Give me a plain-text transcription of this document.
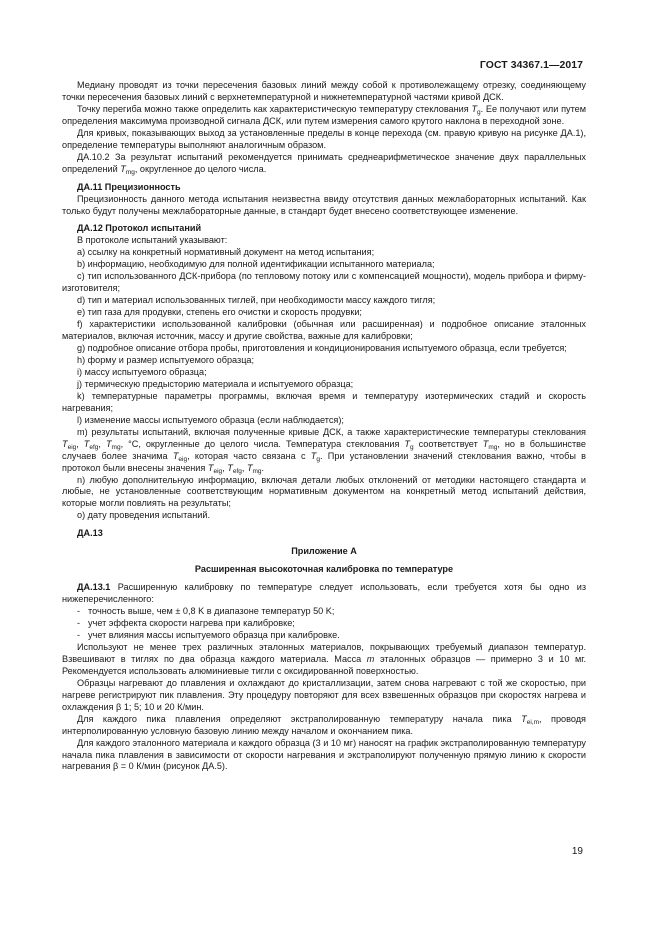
ГОСТ 34367.1—2017

Медиану проводят из точки пересечения базовых линий между собой к противолежащему отрезку, соединяющему точки пересечения базовых линий с верхнетемпературной и нижнетемпературной частями кривой ДСК.

Точку перегиба можно также определить как характеристическую температуру стеклования $T_g$. Ее получают или путем определения максимума производной сигнала ДСК, или путем измерения самого крутого наклона в переходной зоне.

Для кривых, показывающих выход за установленные пределы в конце перехода (см. правую кривую на рисунке ДА.1), определение температуры выполняют аналогичным образом.

ДА.10.2 За результат испытаний рекомендуется принимать среднеарифметическое значение двух параллельных определений $T_{mg}$, округленное до целого числа.

ДА.11 Прецизионность

Прецизионность данного метода испытания неизвестна ввиду отсутствия данных межлабораторных испытаний. Как только будут получены межлабораторные данные, в стандарт будет внесено соответствующее изменение.

ДА.12 Протокол испытаний

В протоколе испытаний указывают:

а) ссылку на конкретный нормативный документ на метод испытания;

b) информацию, необходимую для полной идентификации испытанного материала;

с) тип использованного ДСК-прибора (по тепловому потоку или с компенсацией мощности), модель прибора и фирму-изготовителя;

d) тип и материал использованных тиглей, при необходимости массу каждого тигля;

е) тип газа для продувки, степень его очистки и скорость продувки;

f) характеристики использованной калибровки (обычная или расширенная) и подробное описание эталонных материалов, включая источник, массу и другие свойства, важные для калибровки;

g) подробное описание отбора пробы, приготовления и кондиционирования испытуемого образца, если требуется;

h) форму и размер испытуемого образца;

i) массу испытуемого образца;

j) термическую предысторию материала и испытуемого образца;

k) температурные параметры программы, включая время и температуру изотермических стадий и скорость нагревания;

l) изменение массы испытуемого образца (если наблюдается);

m) результаты испытаний, включая полученные кривые ДСК, а также характеристические температуры стеклования $T_{eig}$, $T_{efg}$, $T_{mg}$, °C, округленные до целого числа. Температура стеклования $T_g$ соответствует $T_{mg}$, но в большинстве случаев более значима $T_{eig}$, которая часто связана с $T_g$. При установлении значений стеклования важно, чтобы в протокол были внесены значения $T_{eig}$, $T_{efg}$, $T_{mg}$.

n) любую дополнительную информацию, включая детали любых отклонений от методики настоящего стандарта и любые, не установленные соответствующим нормативным документом на конкретный метод испытаний действия, которые могли повлиять на результаты;

о) дату проведения испытаний.

ДА.13

Приложение А

Расширенная высокоточная калибровка по температуре

ДА.13.1 Расширенную калибровку по температуре следует использовать, если требуется хотя бы одно из нижеперечисленного:

- точность выше, чем ± 0,8 K в диапазоне температур 50 K;

- учет эффекта скорости нагрева при калибровке;

- учет влияния массы испытуемого образца при калибровке.

Используют не менее трех различных эталонных материалов, покрывающих требуемый диапазон температур. Взвешивают в тиглях по два образца каждого материала. Масса m эталонных образцов — примерно 3 и 10 мг. Рекомендуется использовать алюминиевые тигли с оксидированной поверхностью.

Образцы нагревают до плавления и охлаждают до кристаллизации, затем снова нагревают с той же скоростью, при нагреве регистрируют пик плавления. Эту процедуру повторяют для всех взвешенных образцов при скоростях нагрева и охлаждения β 1; 5; 10 и 20 К/мин.

Для каждого пика плавления определяют экстраполированную температуру начала пика $T_{ei,m}$, проводя интерполированную условную базовую линию между началом и окончанием пика.

Для каждого эталонного материала и каждого образца (3 и 10 мг) наносят на график экстраполированную температуру начала пика плавления в зависимости от скорости нагревания и экстраполируют полученную прямую линию к скорости нагревания β = 0 К/мин (рисунок ДА.5).

19
